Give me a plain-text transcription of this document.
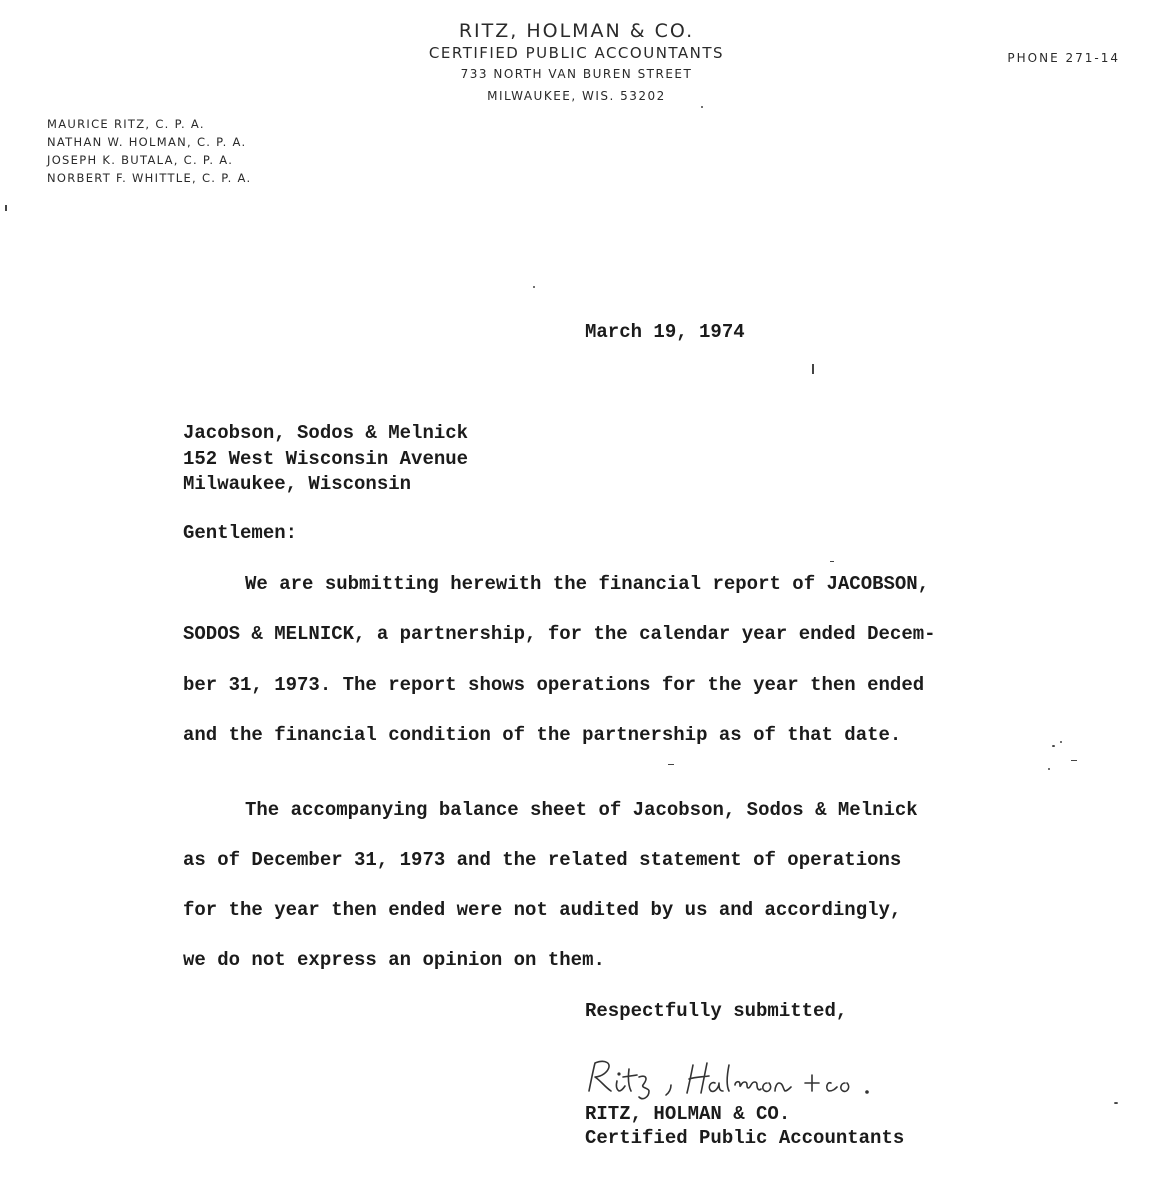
RITZ, HOLMAN & CO.
CERTIFIED PUBLIC ACCOUNTANTS
733 NORTH VAN BUREN STREET
MILWAUKEE, WIS. 53202
PHONE 271-14
MAURICE RITZ, C. P. A.
NATHAN W. HOLMAN, C. P. A.
JOSEPH K. BUTALA, C. P. A.
NORBERT F. WHITTLE, C. P. A.
March 19, 1974
Jacobson, Sodos & Melnick
152 West Wisconsin Avenue
Milwaukee, Wisconsin
Gentlemen:
We are submitting herewith the financial report of JACOBSON,
SODOS & MELNICK, a partnership, for the calendar year ended Decem-
ber 31, 1973. The report shows operations for the year then ended
and the financial condition of the partnership as of that date.
The accompanying balance sheet of Jacobson, Sodos & Melnick
as of December 31, 1973 and the related statement of operations
for the year then ended were not audited by us and accordingly,
we do not express an opinion on them.
Respectfully submitted,
RITZ, HOLMAN & CO.
Certified Public Accountants
